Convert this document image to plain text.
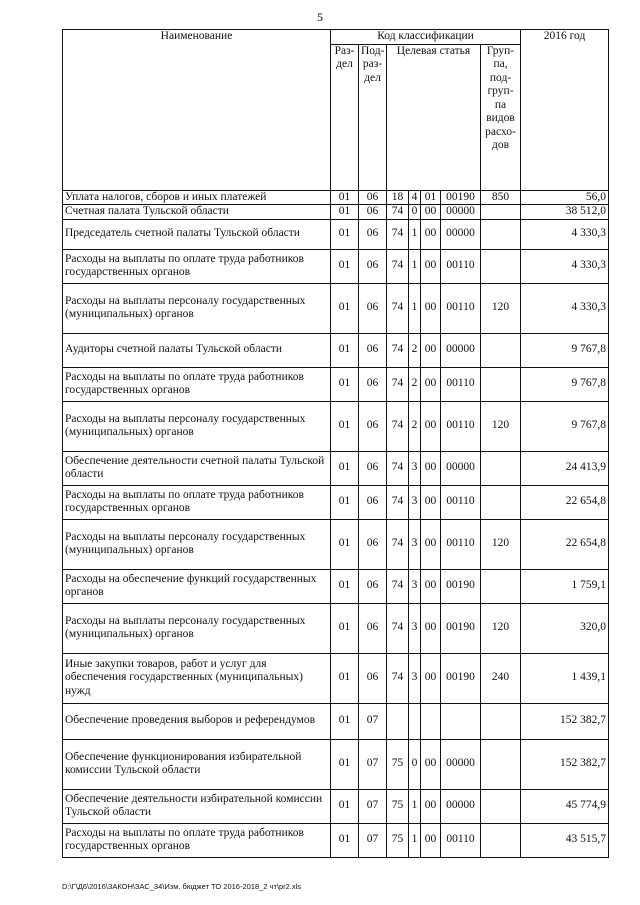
5
Наименование	Код классификации							2016 год
	Раз-дел	Под-раз-дел	Целевая статья				Груп-па, под-груп-па видов расхо-дов	
Уплата налогов, сборов и иных платежей	01	06	18	4	01	00190	850	56,0
Счетная палата Тульской области	01	06	74	0	00	00000		38 512,0
Председатель счетной палаты Тульской области	01	06	74	1	00	00000		4 330,3
Расходы на выплаты по оплате труда работников государственных органов	01	06	74	1	00	00110		4 330,3
Расходы на выплаты персоналу государственных (муниципальных) органов	01	06	74	1	00	00110	120	4 330,3
Аудиторы счетной палаты Тульской области	01	06	74	2	00	00000		9 767,8
Расходы на выплаты по оплате труда работников государственных органов	01	06	74	2	00	00110		9 767,8
Расходы на выплаты персоналу государственных (муниципальных) органов	01	06	74	2	00	00110	120	9 767,8
Обеспечение деятельности счетной палаты Тульской области	01	06	74	3	00	00000		24 413,9
Расходы на выплаты по оплате труда работников государственных органов	01	06	74	3	00	00110		22 654,8
Расходы на выплаты персоналу государственных (муниципальных) органов	01	06	74	3	00	00110	120	22 654,8
Расходы на обеспечение функций государственных органов	01	06	74	3	00	00190		1 759,1
Расходы на выплаты персоналу государственных (муниципальных) органов	01	06	74	3	00	00190	120	320,0
Иные закупки товаров, работ и услуг для обеспечения государственных (муниципальных) нужд	01	06	74	3	00	00190	240	1 439,1
Обеспечение проведения выборов и референдумов	01	07						152 382,7
Обеспечение функционирования избирательной комиссии Тульской области	01	07	75	0	00	00000		152 382,7
Обеспечение деятельности избирательной комиссии Тульской области	01	07	75	1	00	00000		45 774,9
Расходы на выплаты по оплате труда работников государственных органов	01	07	75	1	00	00110		43 515,7
D:\Г\Д6\2016\ЗАКОН\ЗАС_34\Изм. бюджет ТО 2016-2018_2 чт\pr2.xls
